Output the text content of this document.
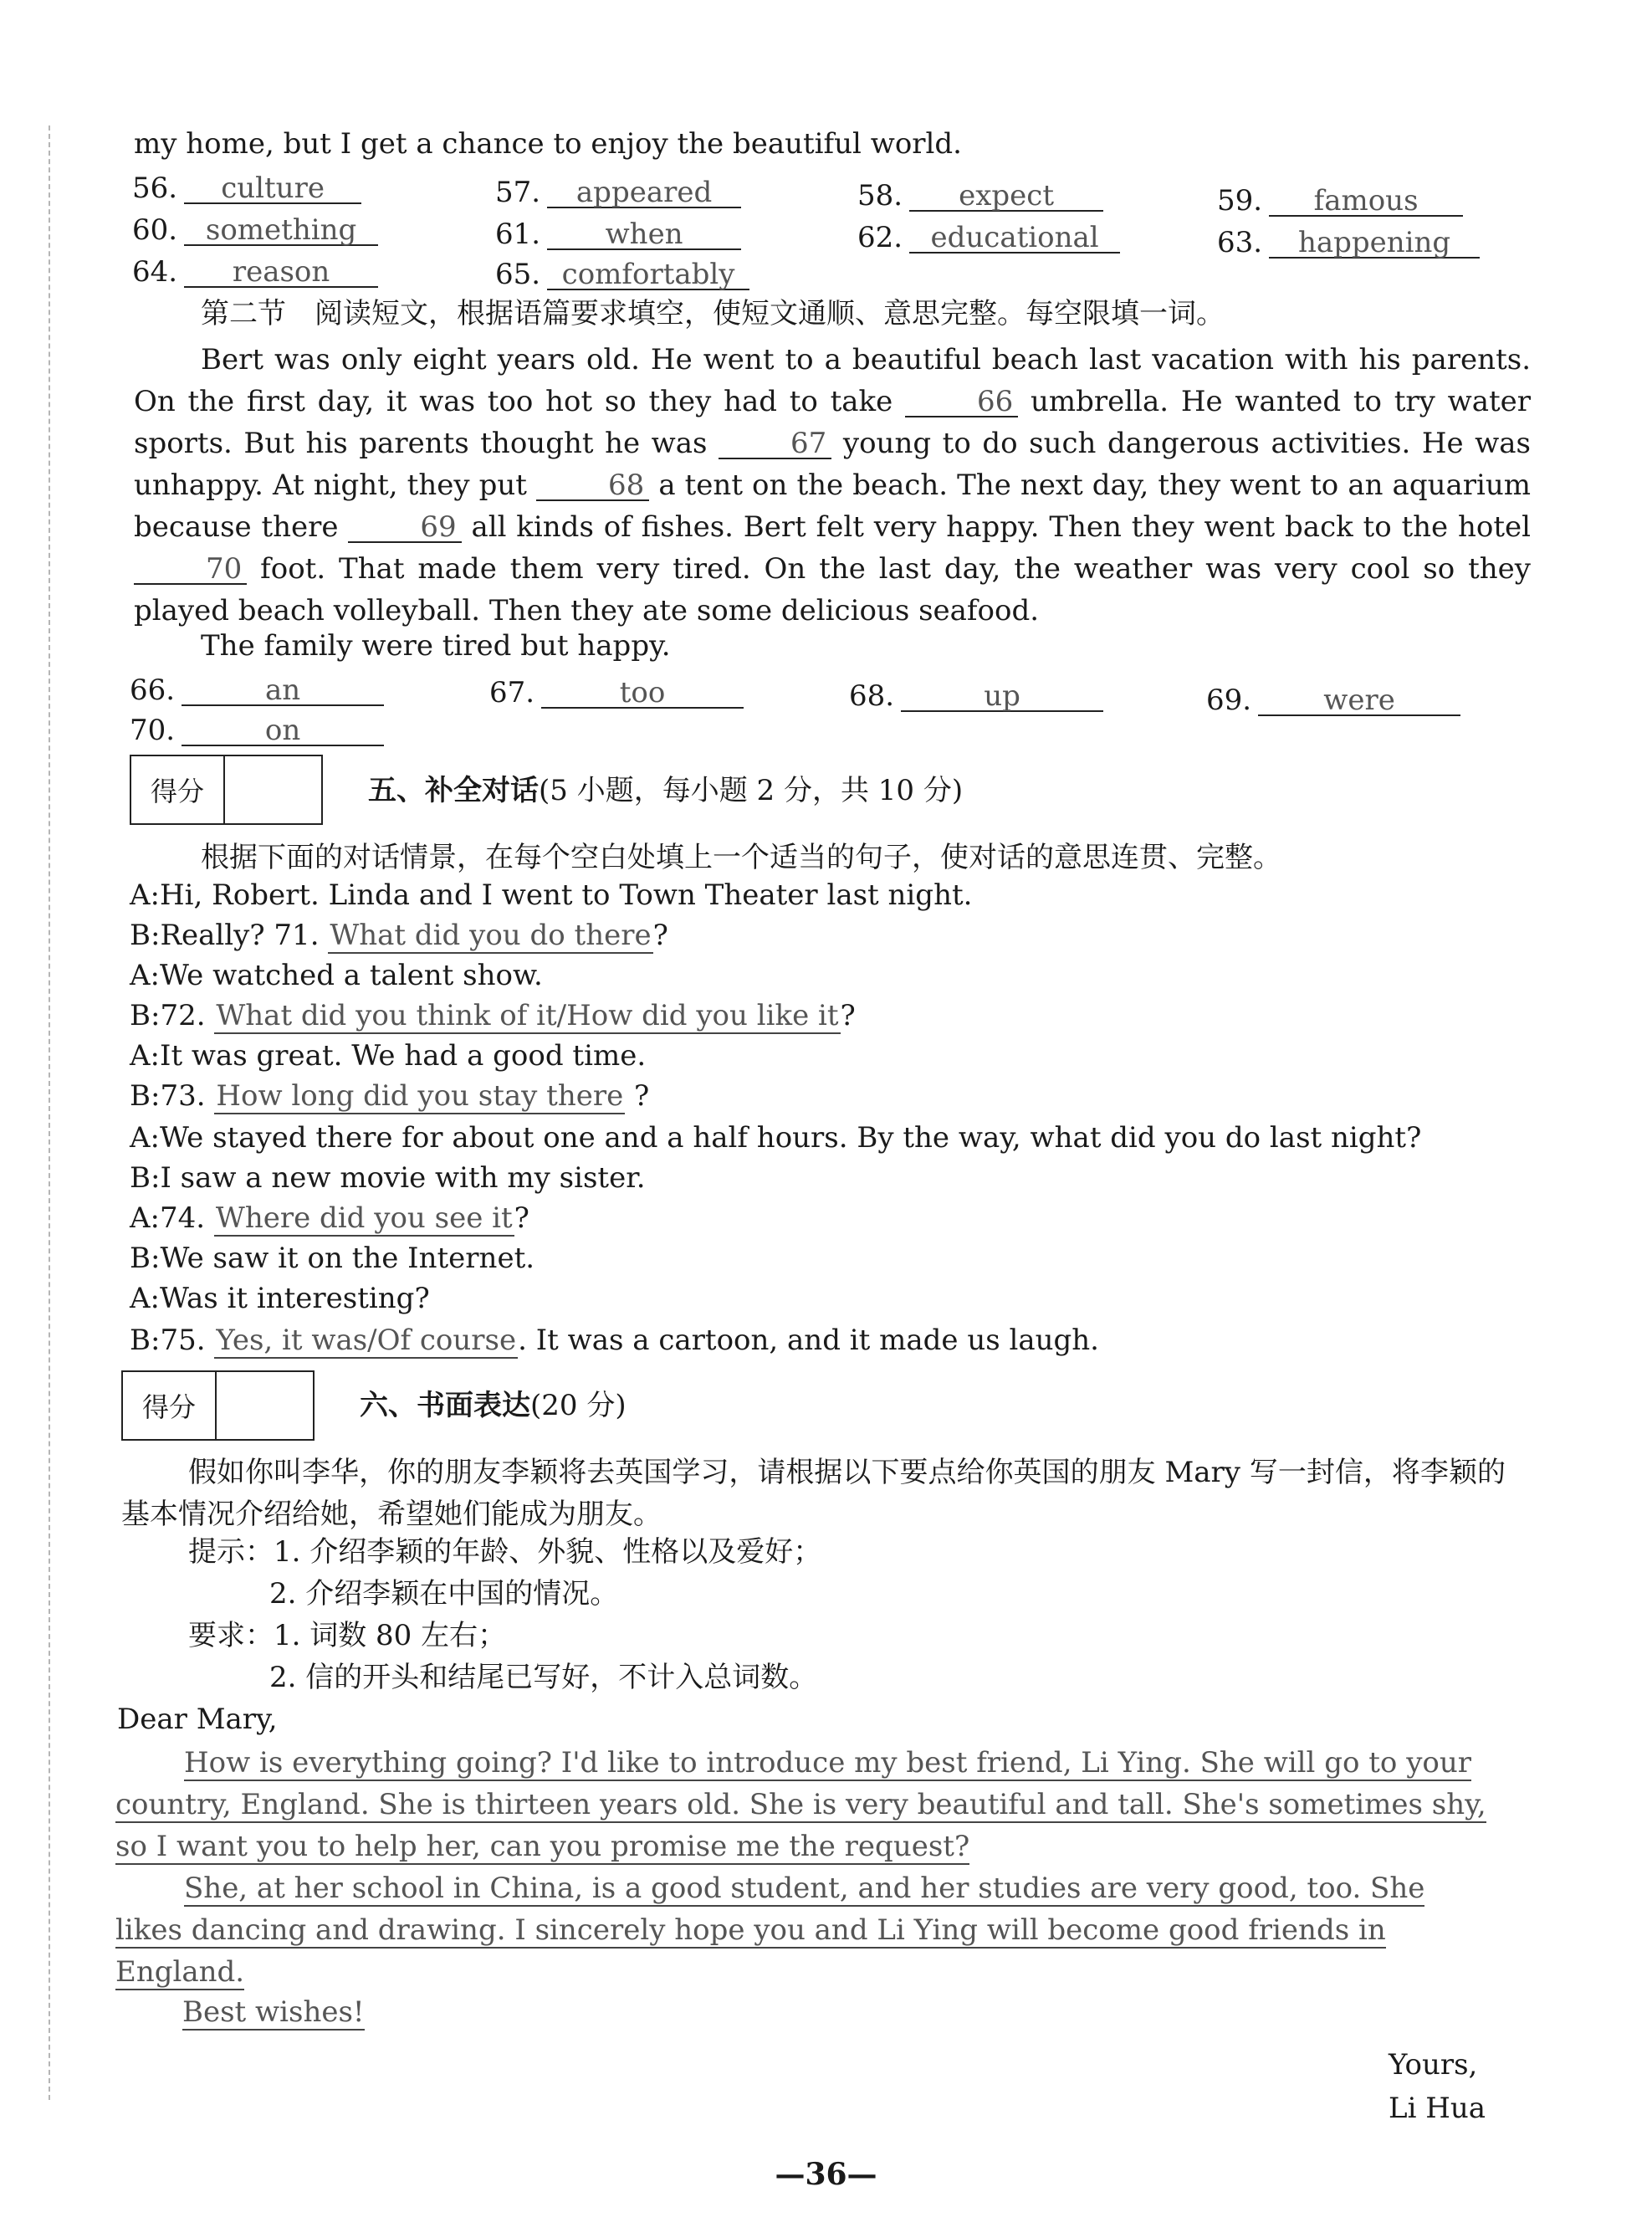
my home, but I get a chance to enjoy the beautiful world.
56. culture	57. appeared	58. expect	59. famous
60. something	61. when	62. educational	63. happening
64. reason	65. comfortably
第二节　阅读短文，根据语篇要求填空，使短文通顺、意思完整。每空限填一词。
Bert was only eight years old. He went to a beautiful beach last vacation with his parents. On the first day, it was too hot so they had to take	66 umbrella. He wanted to try water sports. But his parents thought he was	67 young to do such dangerous activities. He was unhappy. At night, they put	68 a tent on the beach. The next day, they went to an aquarium because there	69 all kinds of fishes. Bert felt very happy. Then they went back to the hotel 70 foot. That made them very tired. On the last day, the weather was very cool so they played beach volleyball. Then they ate some delicious seafood.
The family were tired but happy.
66.	an	67.	too	68.	up	69.	were
70.	on
得分	五、补全对话(5 小题，每小题 2 分，共 10 分)
根据下面的对话情景，在每个空白处填上一个适当的句子，使对话的意思连贯、完整。
A:Hi, Robert. Linda and I went to Town Theater last night.
B:Really? 71. What did you do there?
A:We watched a talent show.
B:72. What did you think of it/How did you like it?
A:It was great. We had a good time.
B:73. How long did you stay there ?
A:We stayed there for about one and a half hours. By the way, what did you do last night?
B:I saw a new movie with my sister.
A:74. Where did you see it?
B:We saw it on the Internet.
A:Was it interesting?
B:75. Yes, it was/Of course. It was a cartoon, and it made us laugh.
得分	六、书面表达(20 分)
假如你叫李华，你的朋友李颖将去英国学习，请根据以下要点给你英国的朋友 Mary 写一封信，将李颖的基本情况介绍给她，希望她们能成为朋友。
提示：1. 介绍李颖的年龄、外貌、性格以及爱好；
2. 介绍李颖在中国的情况。
要求：1. 词数 80 左右；
2. 信的开头和结尾已写好，不计入总词数。
Dear Mary,
How is everything going? I'd like to introduce my best friend, Li Ying. She will go to your country, England. She is thirteen years old. She is very beautiful and tall. She's sometimes shy, so I want you to help her, can you promise me the request?
She, at her school in China, is a good student, and her studies are very good, too. She likes dancing and drawing. I sincerely hope you and Li Ying will become good friends in England.
Best wishes!
Yours,
Li Hua
—36—
